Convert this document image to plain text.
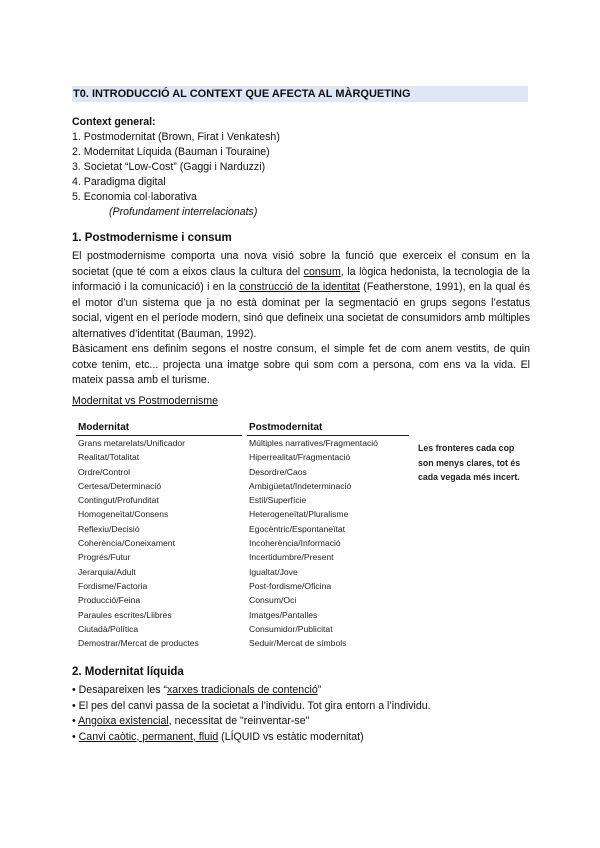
T0. INTRODUCCIÓ AL CONTEXT QUE AFECTA AL MÀRQUETING
Context general:
1. Postmodernitat (Brown, Firat i Venkatesh)
2. Modernitat Líquida (Bauman i Touraine)
3. Societat “Low-Cost” (Gaggi i Narduzzi)
4. Paradigma digital
5. Economia col·laborativa
(Profundament interrelacionats)
1. Postmodernisme i consum

El postmodernisme comporta una nova visió sobre la funció que exerceix el consum en la societat (que té com a eixos claus la cultura del consum, la lògica hedonista, la tecnologia de la informació i la comunicació) i en la construcció de la identitat (Featherstone, 1991), en la qual és el motor d’un sistema que ja no està dominat per la segmentació en grups segons l’estatus social, vigent en el període modern, sinó que defineix una societat de consumidors amb múltiples alternatives d’identitat (Bauman, 1992).

Bàsicament ens definim segons el nostre consum, el simple fet de com anem vestits, de quin cotxe tenim, etc... projecta una imatge sobre qui som com a persona, com ens va la vida. El mateix passa amb el turisme.

Modernitat vs Postmodernisme
Modernitat	Postmodernitat
Grans metarelats/Unificador
Realitat/Totalitat
Ordre/Control
Certesa/Determinació
Contingut/Profunditat
Homogeneïtat/Consens
Reflexiu/Decisió
Coherència/Coneixament
Progrés/Futur
Jerarquia/Adult
Fordisme/Factoria
Producció/Feina
Paraules escrites/Llibres
Ciutadà/Política
Demostrar/Mercat de productes
Múltiples narratives/Fragmentació
Hiperrealitat/Fragmentació
Desordre/Caos
Ambigüetat/Indeterminació
Estil/Superfície
Heterogeneïtat/Pluralisme
Egocèntric/Espontaneïtat
Incoherència/Informació
Incertidumbre/Present
Igualtat/Jove
Post-fordisme/Oficina
Consum/Oci
Imatges/Pantalles
Consumidor/Publicitat
Seduir/Mercat de símbols
Les fronteres cada cop son menys clares, tot és cada vegada més incert.
2. Modernitat líquida
• Desapareixen les “xarxes tradicionals de contenció”
• El pes del canvi passa de la societat a l’individu. Tot gira entorn a l’individu.
• Angoixa existencial, necessitat de "reinventar-se"
• Canvi caòtic, permanent, fluid (LÍQUID vs estàtic modernitat)
